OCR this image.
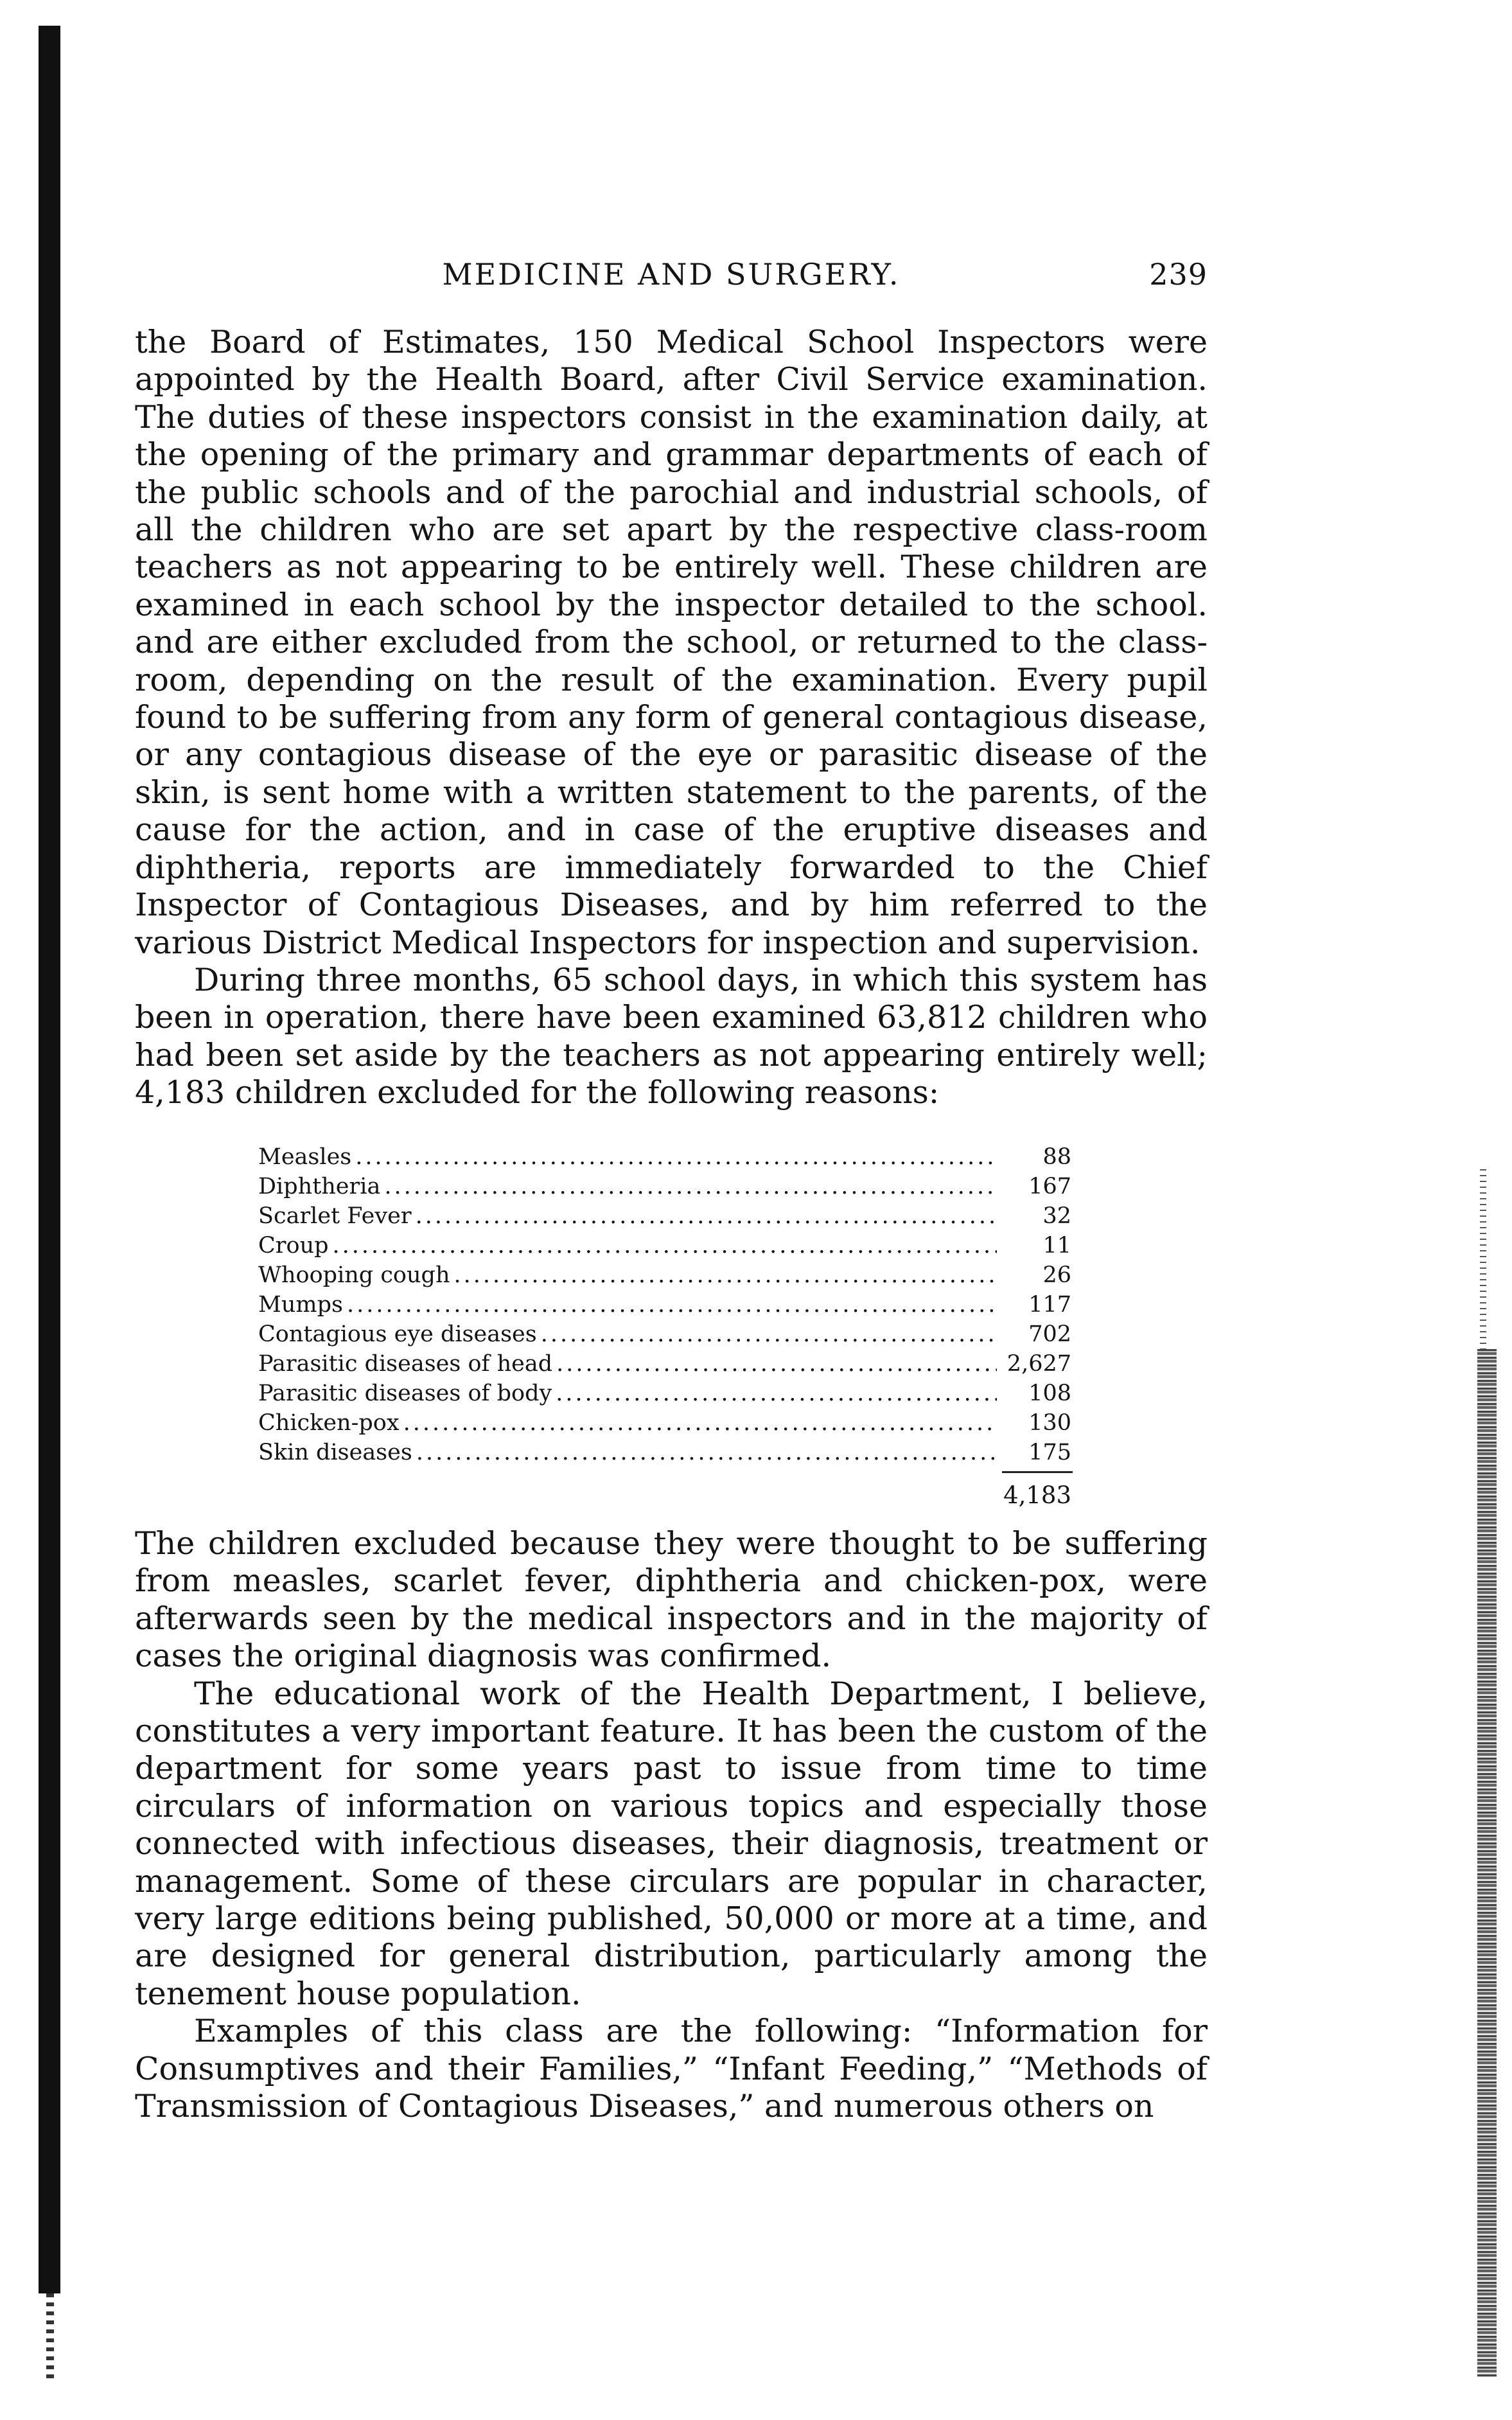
MEDICINE AND SURGERY.	239

the Board of Estimates, 150 Medical School Inspectors were appointed by the Health Board, after Civil Service examination. The duties of these inspectors consist in the examination daily, at the opening of the primary and grammar departments of each of the public schools and of the parochial and industrial schools, of all the children who are set apart by the respective class-room teachers as not appearing to be entirely well. These children are examined in each school by the inspector detailed to the school. and are either excluded from the school, or returned to the class-room, depending on the result of the examination. Every pupil found to be suffering from any form of general contagious disease, or any contagious disease of the eye or parasitic disease of the skin, is sent home with a written statement to the parents, of the cause for the action, and in case of the eruptive diseases and diphtheria, reports are immediately forwarded to the Chief Inspector of Contagious Diseases, and by him referred to the various District Medical Inspectors for inspection and supervision.

During three months, 65 school days, in which this system has been in operation, there have been examined 63,812 children who had been set aside by the teachers as not appearing entirely well; 4,183 children excluded for the following reasons:

Measles .....	88
Diphtheria .....	167
Scarlet Fever .....	32
Croup .....	11
Whooping cough .....	26
Mumps .....	117
Contagious eye diseases .....	702
Parasitic diseases of head .....	2,627
Parasitic diseases of body .....	108
Chicken-pox .....	130
Skin diseases .....	175
4,183

The children excluded because they were thought to be suffering from measles, scarlet fever, diphtheria and chicken-pox, were afterwards seen by the medical inspectors and in the majority of cases the original diagnosis was confirmed.

The educational work of the Health Department, I believe, constitutes a very important feature. It has been the custom of the department for some years past to issue from time to time circulars of information on various topics and especially those connected with infectious diseases, their diagnosis, treatment or management. Some of these circulars are popular in character, very large editions being published, 50,000 or more at a time, and are designed for general distribution, particularly among the tenement house population.

Examples of this class are the following: “Information for Consumptives and their Families,” “Infant Feeding,” “Methods of Transmission of Contagious Diseases,” and numerous others on
